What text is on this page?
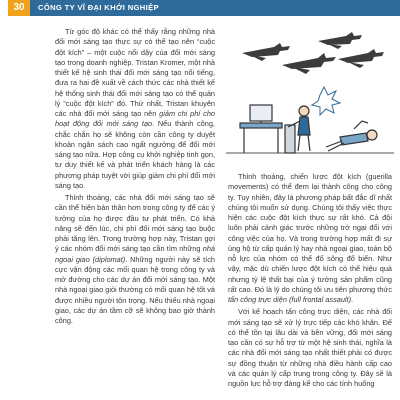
30	CÔNG TY VĨ ĐẠI KHỞI NGHIỆP

Từ góc độ khác có thể thấy rằng những nhà đổi mới sáng tạo thực sự có thể tạo nên “cuộc đột kích” – một cuộc nổi dậy của đổi mới sáng tạo trong doanh nghiệp. Tristan Kromer, một nhà thiết kế hệ sinh thái đổi mới sáng tạo nổi tiếng, đưa ra hai đề xuất về cách thức các nhà thiết kế hệ thống sinh thái đổi mới sáng tạo có thể quản lý “cuộc đột kích” đó. Thứ nhất, Tristan khuyên các nhà đổi mới sáng tạo nên giảm chi phí cho hoạt động đổi mới sáng tạo. Nếu thành công, chắc chắn họ sẽ không còn cần công ty duyệt khoản ngân sách cao ngất ngưởng để đổi mới sáng tạo nữa. Hợp công cụ khởi nghiệp tinh gọn, tư duy thiết kế và phát triển khách hàng là các phương pháp tuyệt vời giúp giảm chi phí đổi mới sáng tạo.

Thỉnh thoảng, các nhà đổi mới sáng tạo sẽ cần thể hiện bản thân hơn trong công ty để các ý tưởng của họ được đầu tư phát triển. Có khả năng sẽ đến lúc, chi phí đổi mới sáng tạo buộc phải tăng lên. Trong trường hợp này, Tristan gợi ý các nhóm đổi mới sáng tạo cần tìm những nhà ngoại giao (diplomat). Những người này sẽ tích cực vận động các mối quan hệ trong công ty và mở đường cho các dự án đổi mới sáng tạo. Một nhà ngoại giao giỏi thường có mối quan hệ tốt và được nhiều người tôn trọng. Nếu thiếu nhà ngoại giao, các dự án tầm cỡ sẽ không bao giờ thành công.

Thỉnh thoảng, chiến lược đột kích (guerilla movements) có thể đem lại thành công cho công ty. Tuy nhiên, đây là phương pháp bất đắc dĩ nhất chúng tôi muốn sử dụng. Chúng tôi thấy việc thực hiện các cuộc đột kích thực sự rất khó. Cả đội luôn phải cảnh giác trước những trở ngại đổi với công việc của họ. Và trong trường hợp mất đi sự ủng hộ từ cấp quản lý hay nhà ngoại giao, toàn bộ nỗ lực của nhóm có thể đổ sông đổ biển. Như vậy, mặc dù chiến lược đột kích có thể hiệu quả nhưng tỷ lệ thất bại của ý tưởng sản phẩm cũng rất cao. Đó là lý do chúng tôi ưu tiên phương thức tấn công trực diện (full frontal assault).

Với kế hoạch tấn công trực diện, các nhà đổi mới sáng tạo sẽ xử lý trực tiếp các khó khăn. Để có thể tồn tại lâu dài và bền vững, đổi mới sáng tạo cần có sự hỗ trợ từ một hệ sinh thái, nghĩa là các nhà đổi mới sáng tạo nhất thiết phải có được sự đồng thuận từ những nhà điều hành cấp cao và các quản lý cấp trung trong công ty. Đây sẽ là nguồn lực hỗ trợ đáng kể cho các tính huống
